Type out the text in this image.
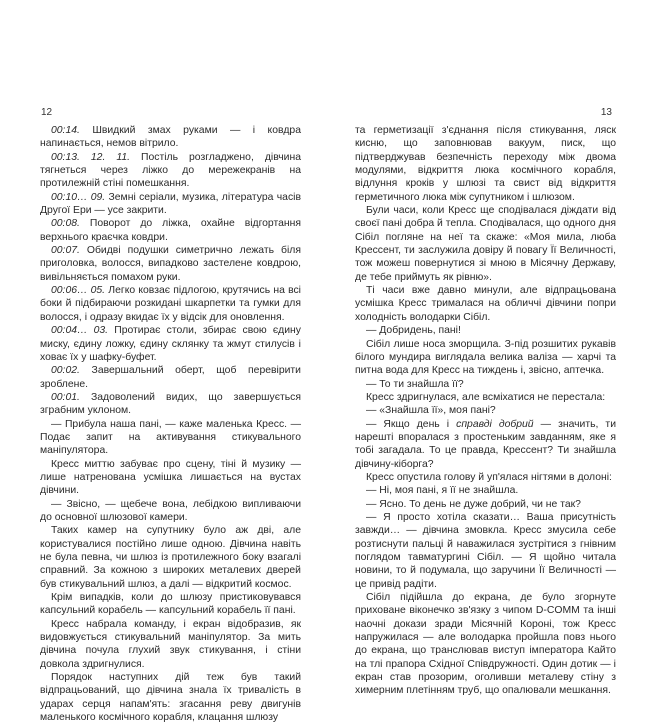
12

00:14. Швидкий змах руками — і ковдра напинається, немов вітрило.

00:13. 12. 11. Постіль розгладжено, дівчина тягнеться через ліжко до мережекранів на протилежній стіні помешкання.

00:10… 09. Земні серіали, музика, література часів Другої Ери — усе закрити.

00:08. Поворот до ліжка, охайне відгортання верхнього краєчка ковдри.

00:07. Обидві подушки симетрично лежать біля приголовка, волосся, випадково застелене ковдрою, вивільняється помахом руки.

00:06… 05. Легко ковзає підлогою, крутячись на всі боки й підбираючи розкидані шкарпетки та гумки для волосся, і одразу вкидає їх у відсік для оновлення.

00:04… 03. Протирає столи, збирає свою єдину миску, єдину ложку, єдину склянку та жмут стилусів і ховає їх у шафку-буфет.

00:02. Завершальний оберт, щоб перевірити зроблене.

00:01. Задоволений видих, що завершується зграбним уклоном.

— Прибула наша пані, — каже маленька Кресс. — Подає запит на активування стикувального маніпулятора.

Кресс миттю забуває про сцену, тіні й музику — лише натренована усмішка лишається на вустах дівчини.

— Звісно, — щебече вона, лебідкою випливаючи до основної шлюзової камери.

Таких камер на супутнику було аж дві, але користувалися постійно лише одною. Дівчина навіть не була певна, чи шлюз із протилежного боку взагалі справний. За кожною з широких металевих дверей був стикувальний шлюз, а далі — відкритий космос.

Крім випадків, коли до шлюзу пристиковувався капсульний корабель — капсульний корабель її пані.

Кресс набрала команду, і екран відобразив, як видовжується стикувальний маніпулятор. За мить дівчина почула глухий звук стикування, і стіни довкола здригнулися.

Порядок наступних дій теж був такий відпрацьований, що дівчина знала їх тривалість в ударах серця напам'ять: згасання реву двигунів маленького космічного корабля, клацання шлюзу

13

та герметизації з'єднання після стикування, ляск кисню, що заповнював вакуум, писк, що підтверджував безпечність переходу між двома модулями, відкриття люка космічного корабля, відлуння кроків у шлюзі та свист від відкриття герметичного люка між супутником і шлюзом.

Були часи, коли Кресс ще сподівалася діждати від своєї пані добра й тепла. Сподівалася, що одного дня Сібіл погляне на неї та скаже: «Моя мила, люба Крессент, ти заслужила довіру й повагу Її Величності, тож можеш повернутися зі мною в Місячну Державу, де тебе приймуть як рівню».

Ті часи вже давно минули, але відпрацьована усмішка Кресс трималася на обличчі дівчини попри холодність володарки Сібіл.

— Добридень, пані!

Сібіл лише носа зморщила. З-під розшитих рукавів білого мундира виглядала велика валіза — харчі та питна вода для Кресс на тиждень і, звісно, аптечка.

— То ти знайшла її?

Кресс здригнулася, але всміхатися не перестала:

— «Знайшла її», моя пані?

— Якщо день і справді добрий — значить, ти нарешті впоралася з простеньким завданням, яке я тобі загадала. То це правда, Крессент? Ти знайшла дівчину-кіборга?

Кресс опустила голову й уп'ялася нігтями в долоні:

— Ні, моя пані, я її не знайшла.

— Ясно. То день не дуже добрий, чи не так?

— Я просто хотіла сказати… Ваша присутність завжди… — дівчина змовкла. Кресс змусила себе розтиснути пальці й наважилася зустрітися з гнівним поглядом тавматургині Сібіл. — Я щойно читала новини, то й подумала, що заручини Її Величності — це привід радіти.

Сібіл підійшла до екрана, де було згорнуте приховане віконечко зв'язку з чипом D-COMM та інші наочні докази зради Місячній Короні, тож Кресс напружилася — але володарка пройшла повз нього до екрана, що транслював виступ імператора Кайто на тлі прапора Східної Співдружності. Один дотик — і екран став прозорим, оголивши металеву стіну з химерним плетінням труб, що опалювали мешкання.
